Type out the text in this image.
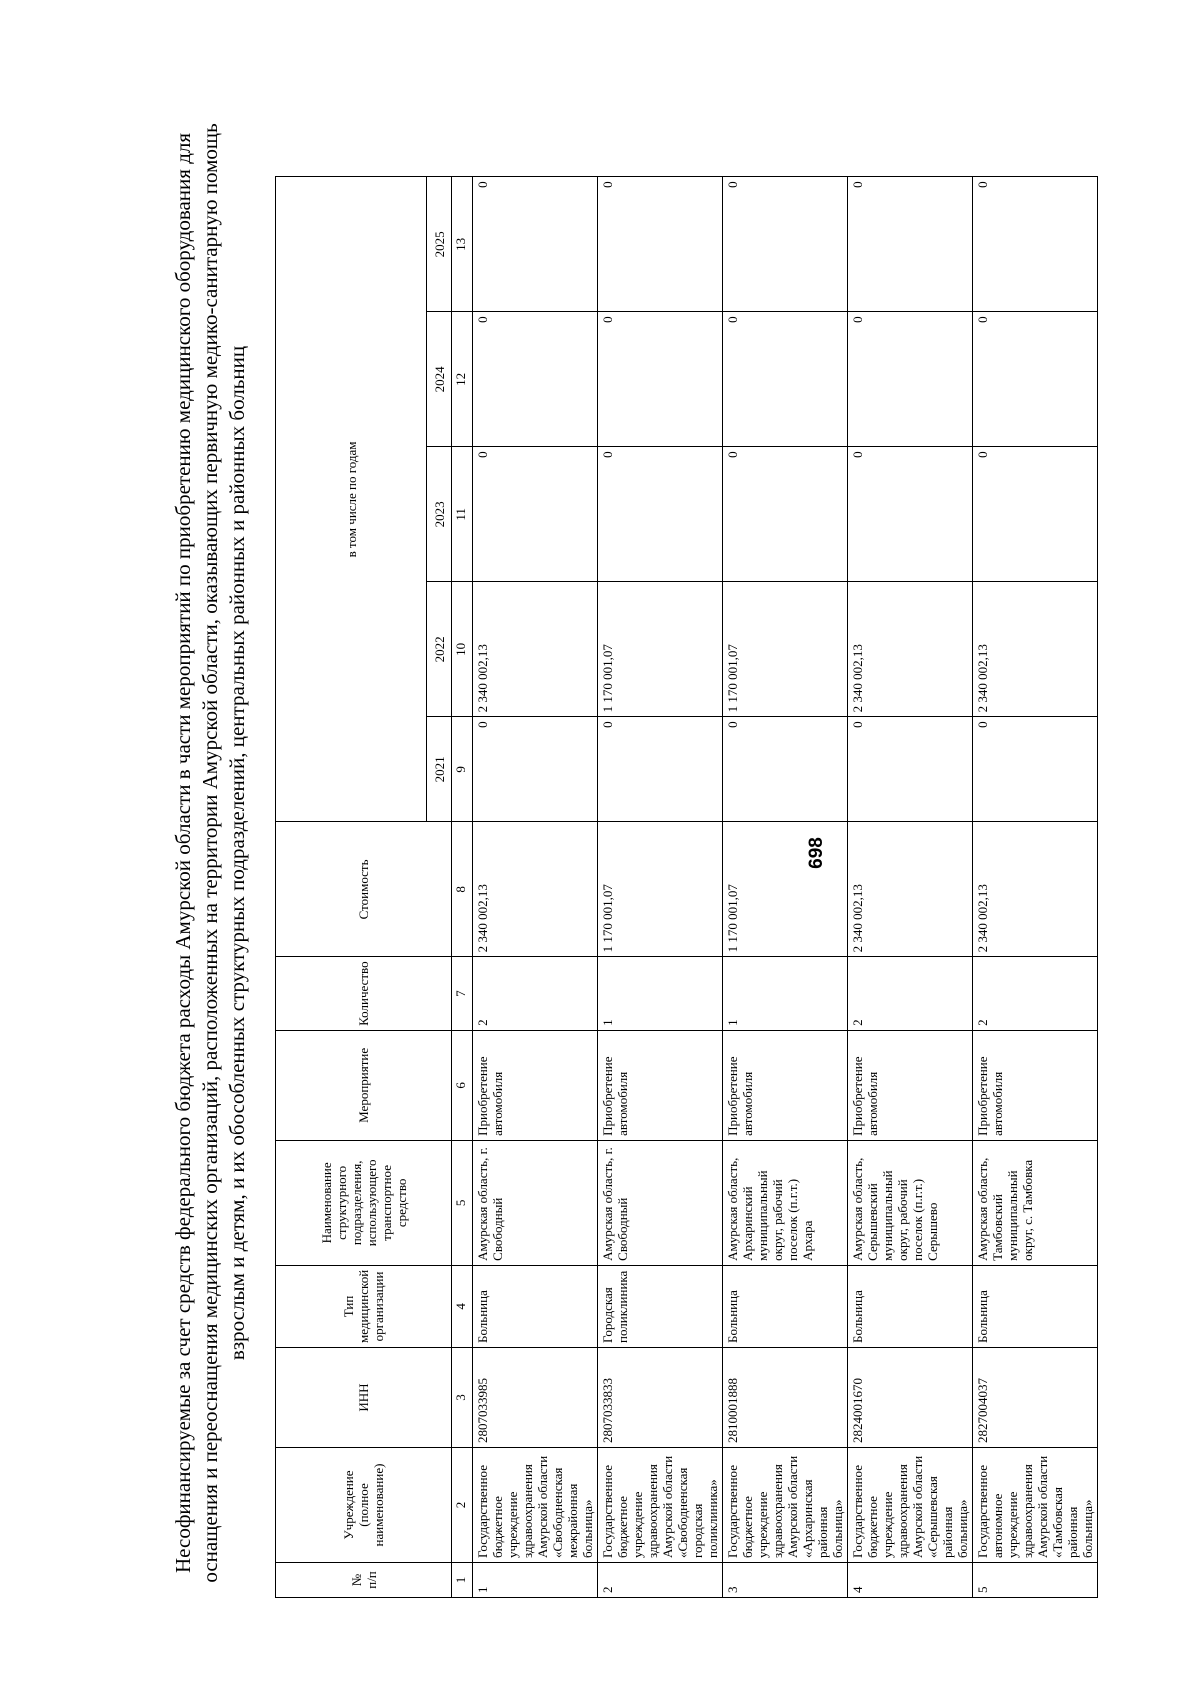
698
Несофинансируемые за счет средств федерального бюджета расходы Амурской области в части мероприятий по приобретению медицинского оборудования для оснащения и переоснащения медицинских организаций, расположенных на территории Амурской области, оказывающих первичную медико-санитарную помощь взрослым и детям, и их обособленных структурных подразделений, центральных районных и районных больниц
№ п/п	Учреждение (полное наименование)	ИНН	Тип медицинской организации	Наименование структурного подразделения, использующего транспортное средство	Мероприятие	Количество	Стоимость	в том числе по годам				
								2021	2022	2023	2024	2025
1	2	3	4	5	6	7	8	9	10	11	12	13
1	Государственное бюджетное учреждение здравоохранения Амурской области «Свободненская межрайонная больница»	2807033985	Больница	Амурская область, г. Свободный	Приобретение автомобиля	2	2 340 002,13	0	2 340 002,13	0	0	0
2	Государственное бюджетное учреждение здравоохранения Амурской области «Свободненская городская поликлиника»	2807033833	Городская поликлиника	Амурская область, г. Свободный	Приобретение автомобиля	1	1 170 001,07	0	1 170 001,07	0	0	0
3	Государственное бюджетное учреждение здравоохранения Амурской области «Архаринская районная больница»	2810001888	Больница	Амурская область, Архаринский муниципальный округ, рабочий поселок (п.г.т.) Архара	Приобретение автомобиля	1	1 170 001,07	0	1 170 001,07	0	0	0
4	Государственное бюджетное учреждение здравоохранения Амурской области «Серышевская районная больница»	2824001670	Больница	Амурская область, Серышевский муниципальный округ, рабочий поселок (п.г.т.) Серышево	Приобретение автомобиля	2	2 340 002,13	0	2 340 002,13	0	0	0
5	Государственное автономное учреждение здравоохранения Амурской области «Тамбовская районная больница»	2827004037	Больница	Амурская область, Тамбовский муниципальный округ, с. Тамбовка	Приобретение автомобиля	2	2 340 002,13	0	2 340 002,13	0	0	0
